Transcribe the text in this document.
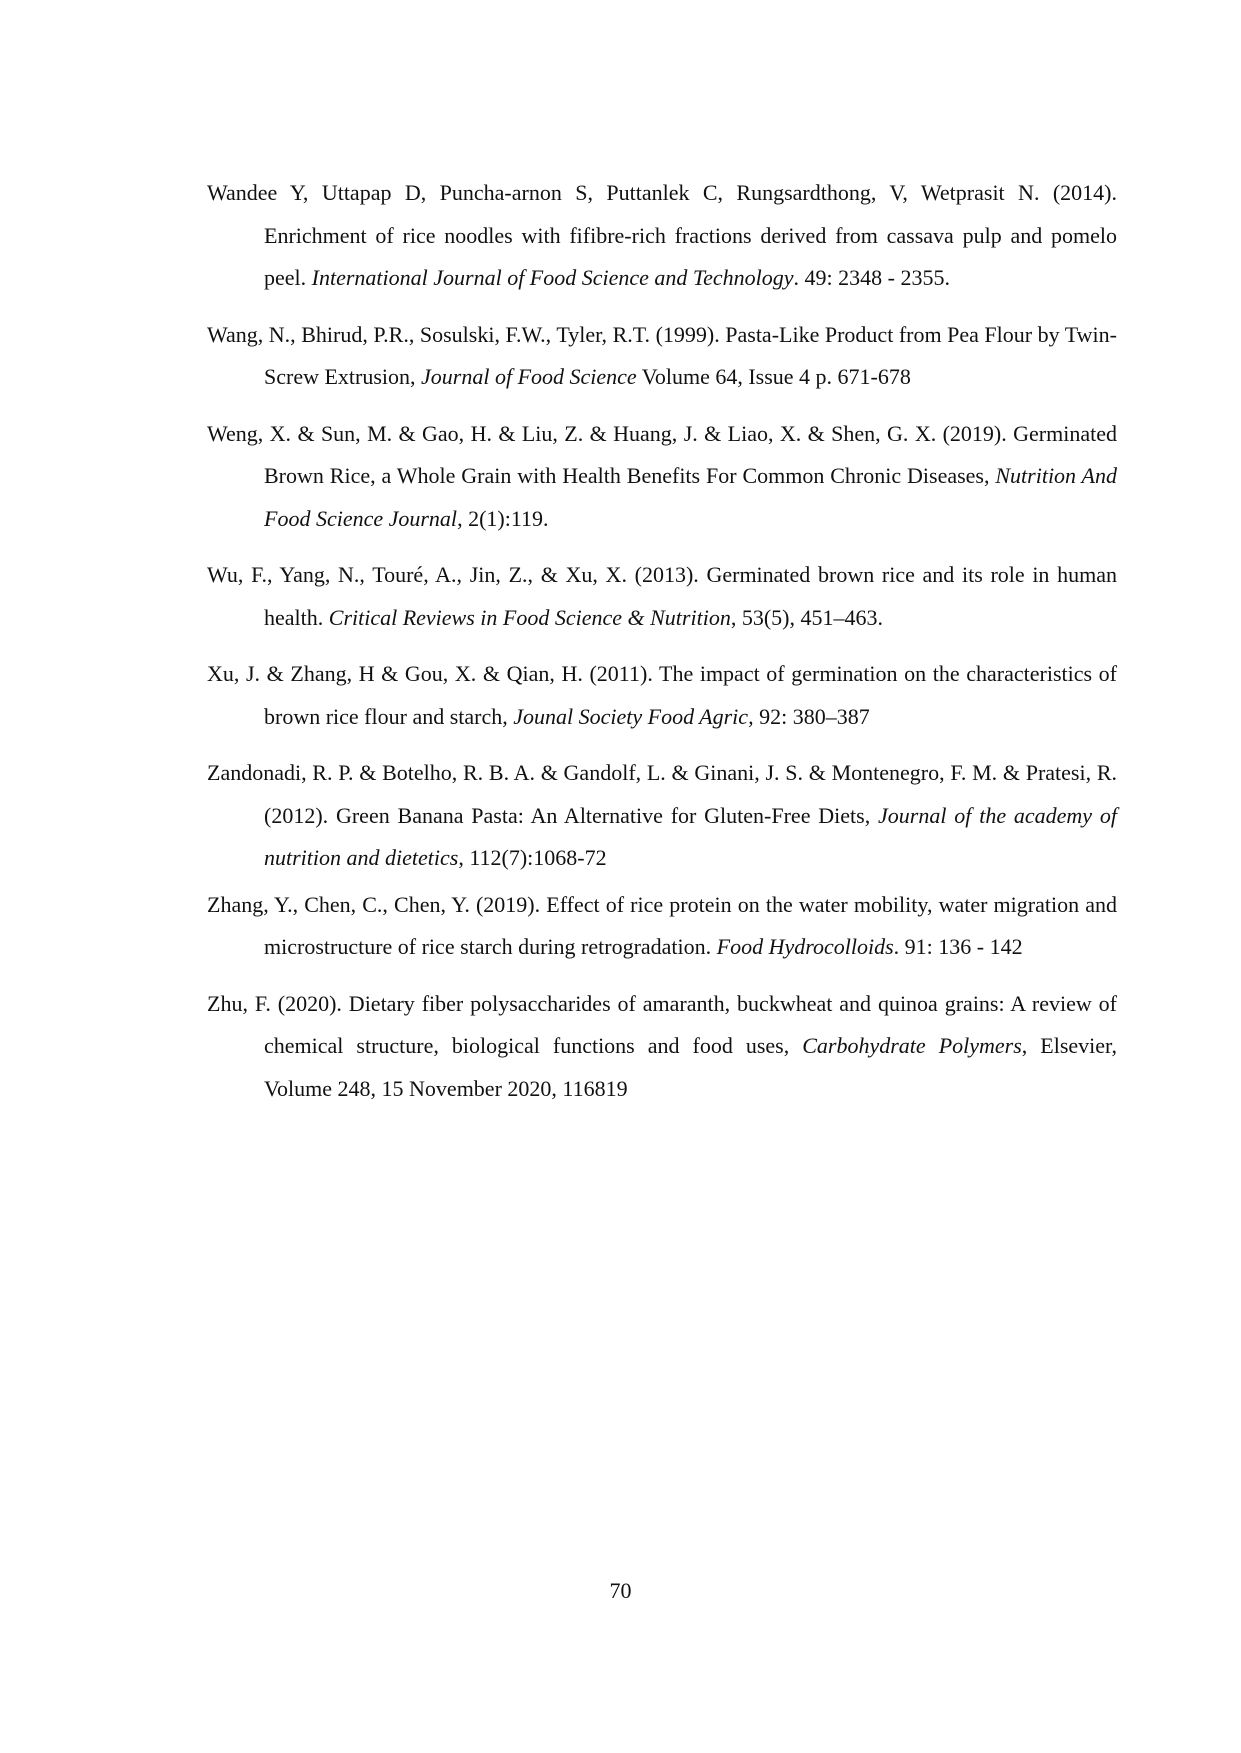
Wandee Y, Uttapap D, Puncha-arnon S, Puttanlek C, Rungsardthong, V, Wetprasit N. (2014). Enrichment of rice noodles with fifibre-rich fractions derived from cassava pulp and pomelo peel. International Journal of Food Science and Technology. 49: 2348 - 2355.

Wang, N., Bhirud, P.R., Sosulski, F.W., Tyler, R.T. (1999). Pasta-Like Product from Pea Flour by Twin-Screw Extrusion, Journal of Food Science Volume 64, Issue 4 p. 671-678

Weng, X. & Sun, M. & Gao, H. & Liu, Z. & Huang, J. & Liao, X. & Shen, G. X. (2019). Germinated Brown Rice, a Whole Grain with Health Benefits For Common Chronic Diseases, Nutrition And Food Science Journal, 2(1):119.

Wu, F., Yang, N., Touré, A., Jin, Z., & Xu, X. (2013). Germinated brown rice and its role in human health. Critical Reviews in Food Science & Nutrition, 53(5), 451–463.

Xu, J. & Zhang, H & Gou, X. & Qian, H. (2011). The impact of germination on the characteristics of brown rice flour and starch, Jounal Society Food Agric, 92: 380–387

Zandonadi, R. P. & Botelho, R. B. A. & Gandolf, L. & Ginani, J. S. & Montenegro, F. M. & Pratesi, R. (2012). Green Banana Pasta: An Alternative for Gluten-Free Diets, Journal of the academy of nutrition and dietetics, 112(7):1068-72

Zhang, Y., Chen, C., Chen, Y. (2019). Effect of rice protein on the water mobility, water migration and microstructure of rice starch during retrogradation. Food Hydrocolloids. 91: 136 - 142

Zhu, F. (2020). Dietary fiber polysaccharides of amaranth, buckwheat and quinoa grains: A review of chemical structure, biological functions and food uses, Carbohydrate Polymers, Elsevier, Volume 248, 15 November 2020, 116819

70
